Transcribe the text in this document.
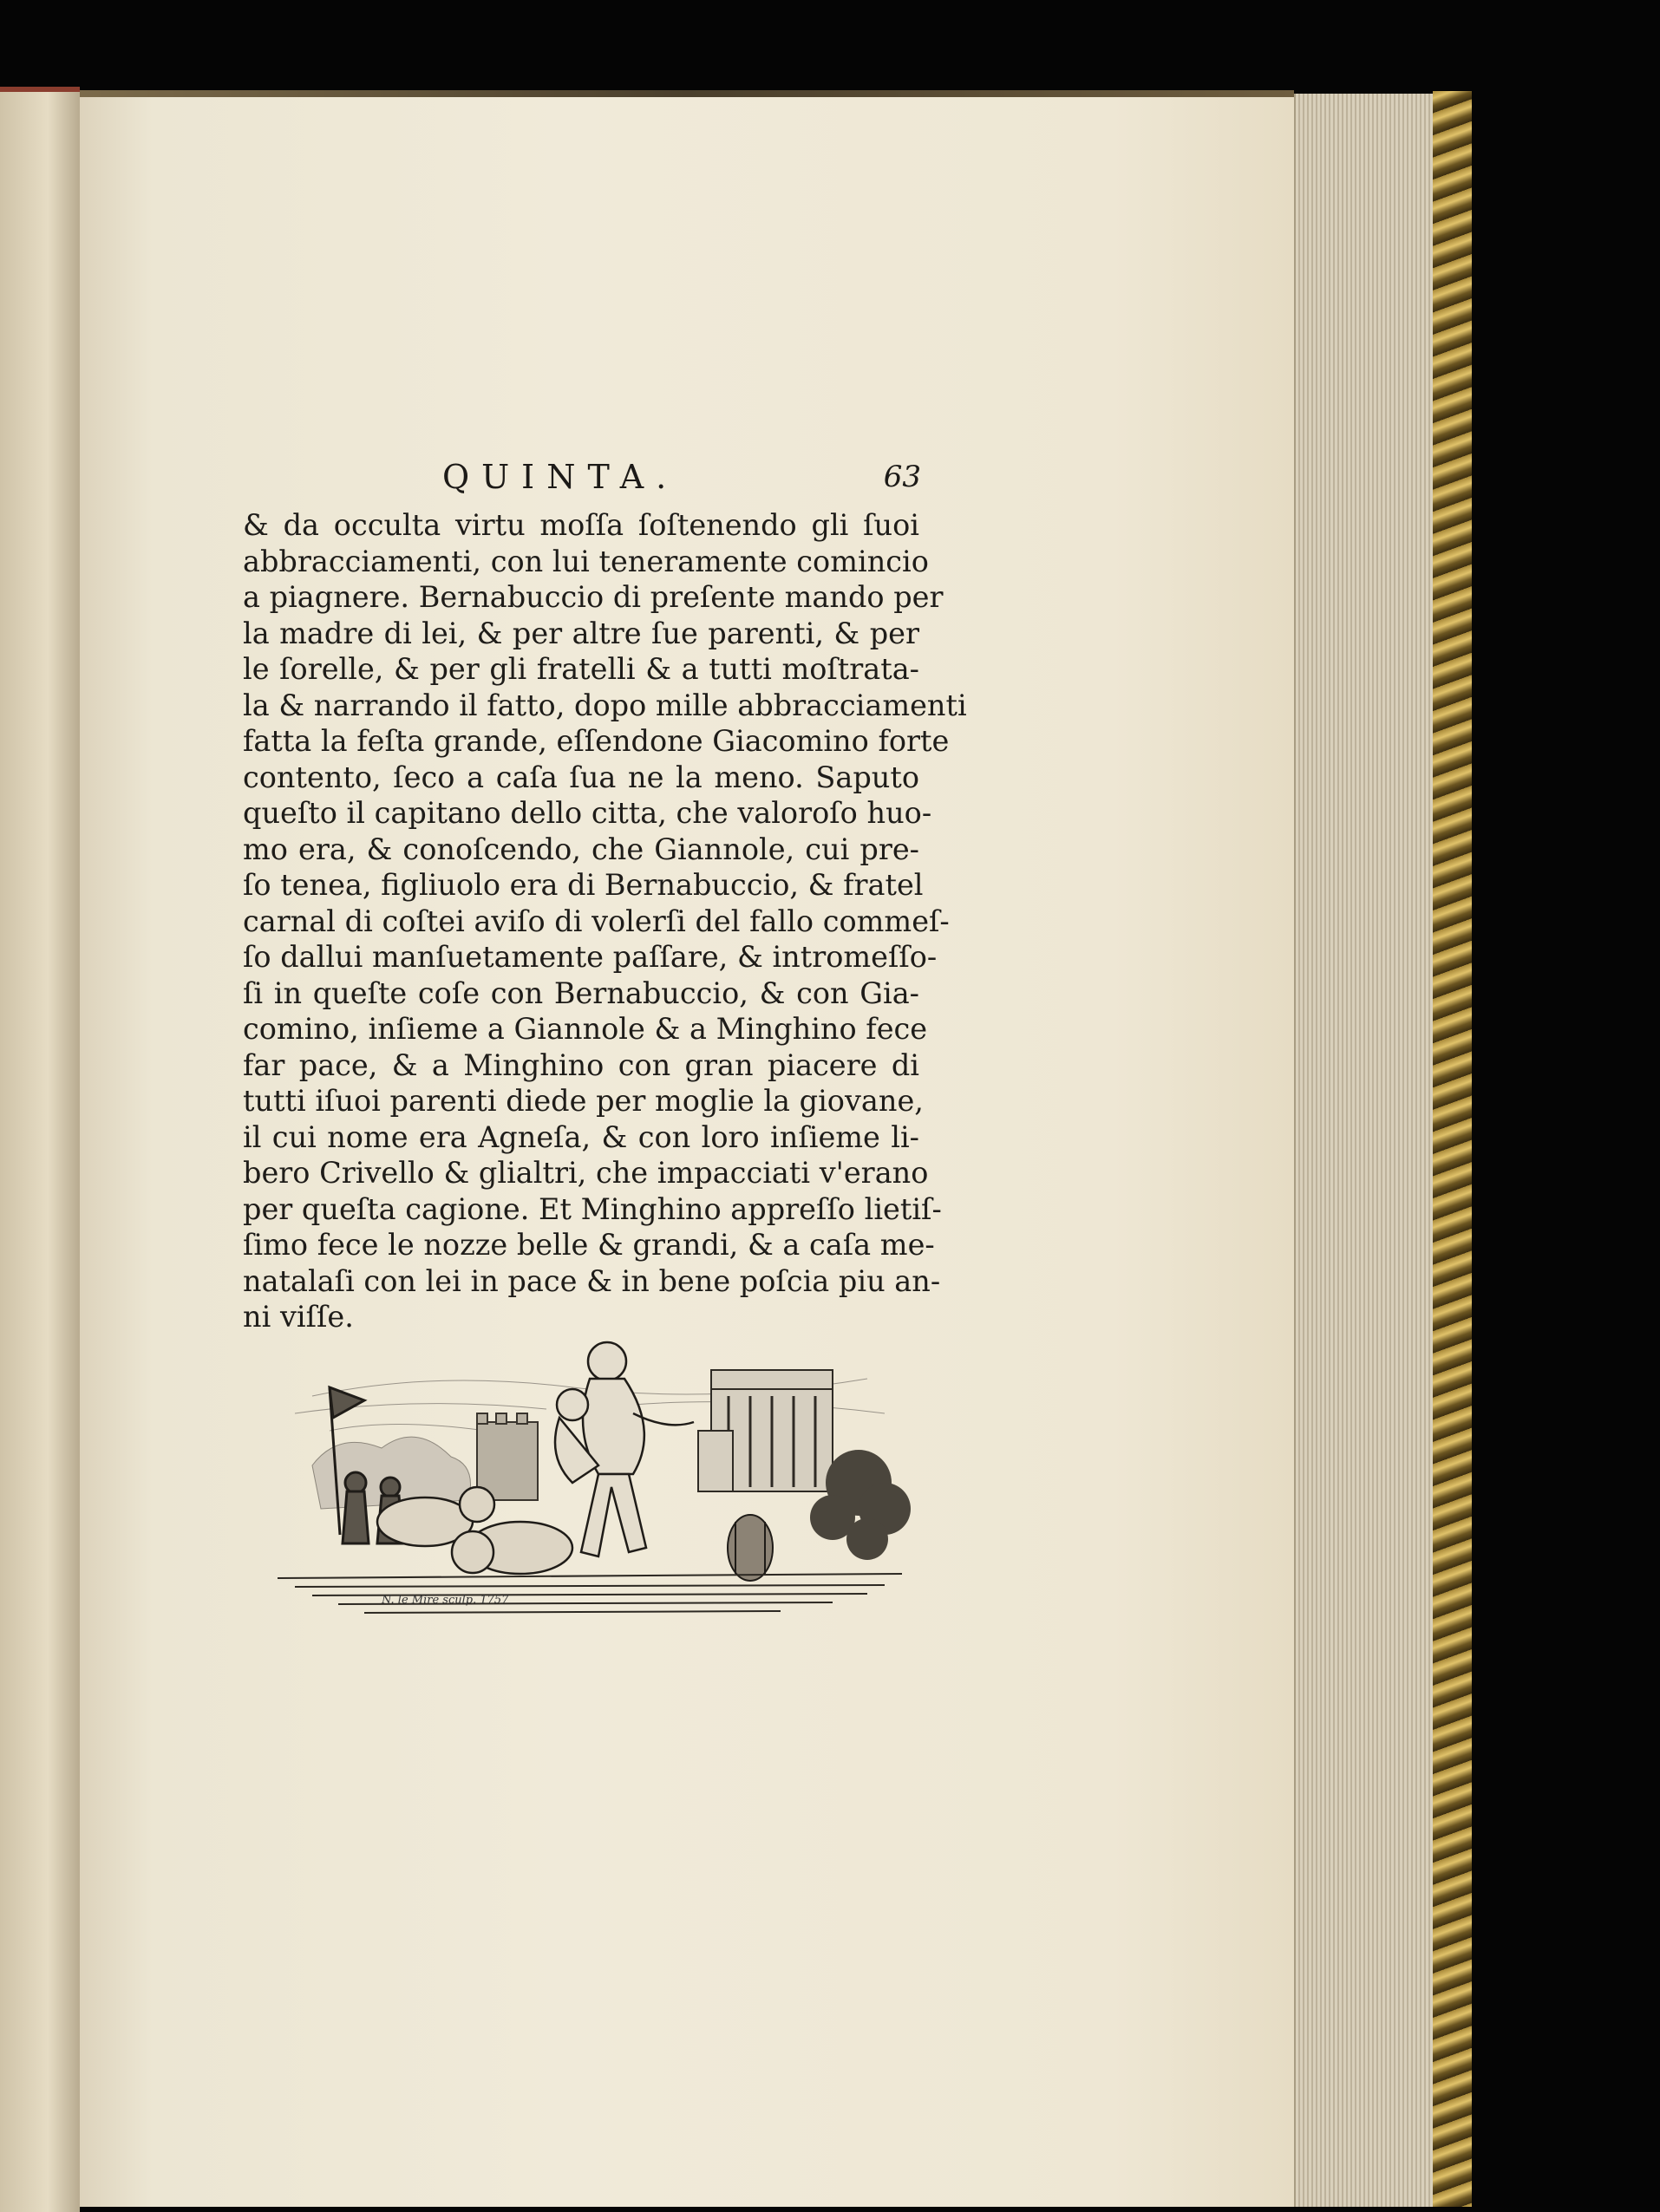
QUINTA.	63
& da occulta virtu moſſa ſoſtenendo gli ſuoi
abbracciamenti, con lui teneramente comincio
a piagnere. Bernabuccio di preſente mando per
la madre di lei, & per altre ſue parenti, & per
le ſorelle, & per gli fratelli & a tutti moſtrata-
la & narrando il fatto, dopo mille abbracciamenti
fatta la feſta grande, eſſendone Giacomino forte
contento, ſeco a caſa ſua ne la meno. Saputo
queſto il capitano dello citta, che valoroſo huo-
mo era, & conoſcendo, che Giannole, cui pre-
ſo tenea, figliuolo era di Bernabuccio, & fratel
carnal di coſtei aviſo di volerſi del fallo commeſ-
ſo dallui manſuetamente paſſare, & intromeſſo-
ſi in queſte coſe con Bernabuccio, & con Gia-
comino, inſieme a Giannole & a Minghino fece
far pace, & a Minghino con gran piacere di
tutti iſuoi parenti diede per moglie la giovane,
il cui nome era Agneſa, & con loro inſieme li-
bero Crivello & glialtri, che impacciati v'erano
per queſta cagione. Et Minghino appreſſo lietiſ-
ſimo fece le nozze belle & grandi, & a caſa me-
natalaſi con lei in pace & in bene poſcia piu an-
ni viſſe.
N. le Mire sculp. 1757
